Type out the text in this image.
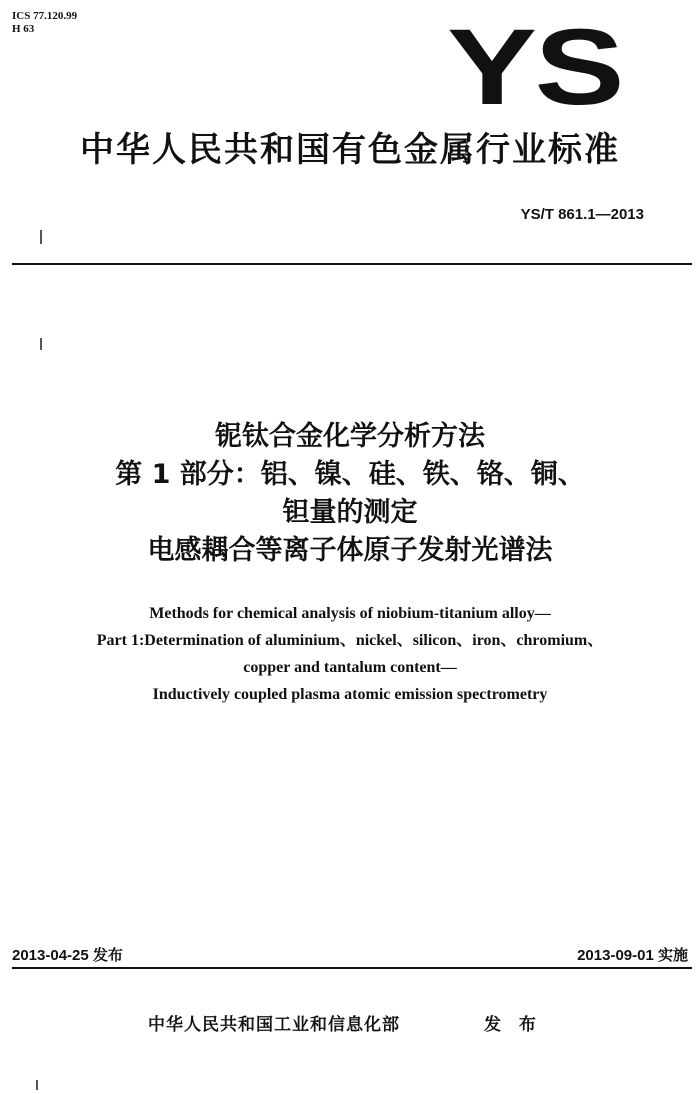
ICS 77.120.99
H 63	YS
中华人民共和国有色金属行业标准
YS/T 861.1—2013
铌钛合金化学分析方法
第 1 部分：铝、镍、硅、铁、铬、铜、
钽量的测定
电感耦合等离子体原子发射光谱法
Methods for chemical analysis of niobium-titanium alloy—
Part 1:Determination of aluminium、nickel、silicon、iron、chromium、
copper and tantalum content—
Inductively coupled plasma atomic emission spectrometry
2013-04-25 发布	2013-09-01 实施
中华人民共和国工业和信息化部	发 布
